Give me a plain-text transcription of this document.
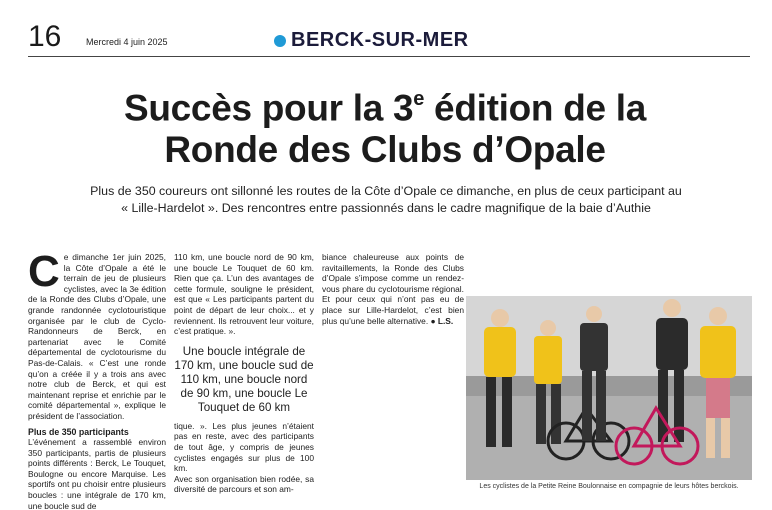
16	Mercredi 4 juin 2025	BERCK-SUR-MER
Succès pour la 3e édition de la
Ronde des Clubs d’Opale

Plus de 350 coureurs ont sillonné les routes de la Côte d’Opale ce dimanche, en plus de ceux participant au « Lille-Hardelot ». Des rencontres entre passionnés dans le cadre magnifique de la baie d’Authie

C e dimanche 1er juin 2025, la Côte d’Opale a été le terrain de jeu de plusieurs cyclistes, avec la 3e édition de la Ronde des Clubs d’Opale, une grande randonnée cyclotouristique organisée par le club de Cyclo-Randonneurs de Berck, en partenariat avec le Comité départemental de cyclotourisme du Pas-de-Calais. « C’est une ronde qu’on a créée il y a trois ans avec notre club de Berck, et qui est maintenant reprise et enrichie par le comité départemental », explique le président de l’association.
Plus de 350 participants
L’événement a rassemblé environ 350 participants, partis de plusieurs points différents : Berck, Le Touquet, Boulogne ou encore Marquise. Les sportifs ont pu choisir entre plusieurs boucles : une intégrale de 170 km, une boucle sud de
110 km, une boucle nord de 90 km, une boucle Le Touquet de 60 km. Rien que ça. L’un des avantages de cette formule, souligne le président, est que « Les participants partent du point de départ de leur choix... et y reviennent. Ils retrouvent leur voiture, c’est pratique. ».
Une boucle intégrale de 170 km, une boucle sud de 110 km, une boucle nord de 90 km, une boucle Le Touquet de 60 km
tique. ». Les plus jeunes n’étaient pas en reste, avec des participants de tout âge, y compris de jeunes cyclistes engagés sur plus de 100 km.
Avec son organisation bien rodée, sa diversité de parcours et son am-
biance chaleureuse aux points de ravitaillements, la Ronde des Clubs d’Opale s’impose comme un rendez-vous phare du cyclotourisme régional. Et pour ceux qui n’ont pas eu de place sur Lille-Hardelot, c’est bien plus qu’une belle alternative. ● L.S.
Les cyclistes de la Petite Reine Boulonnaise en compagnie de leurs hôtes berckois.
